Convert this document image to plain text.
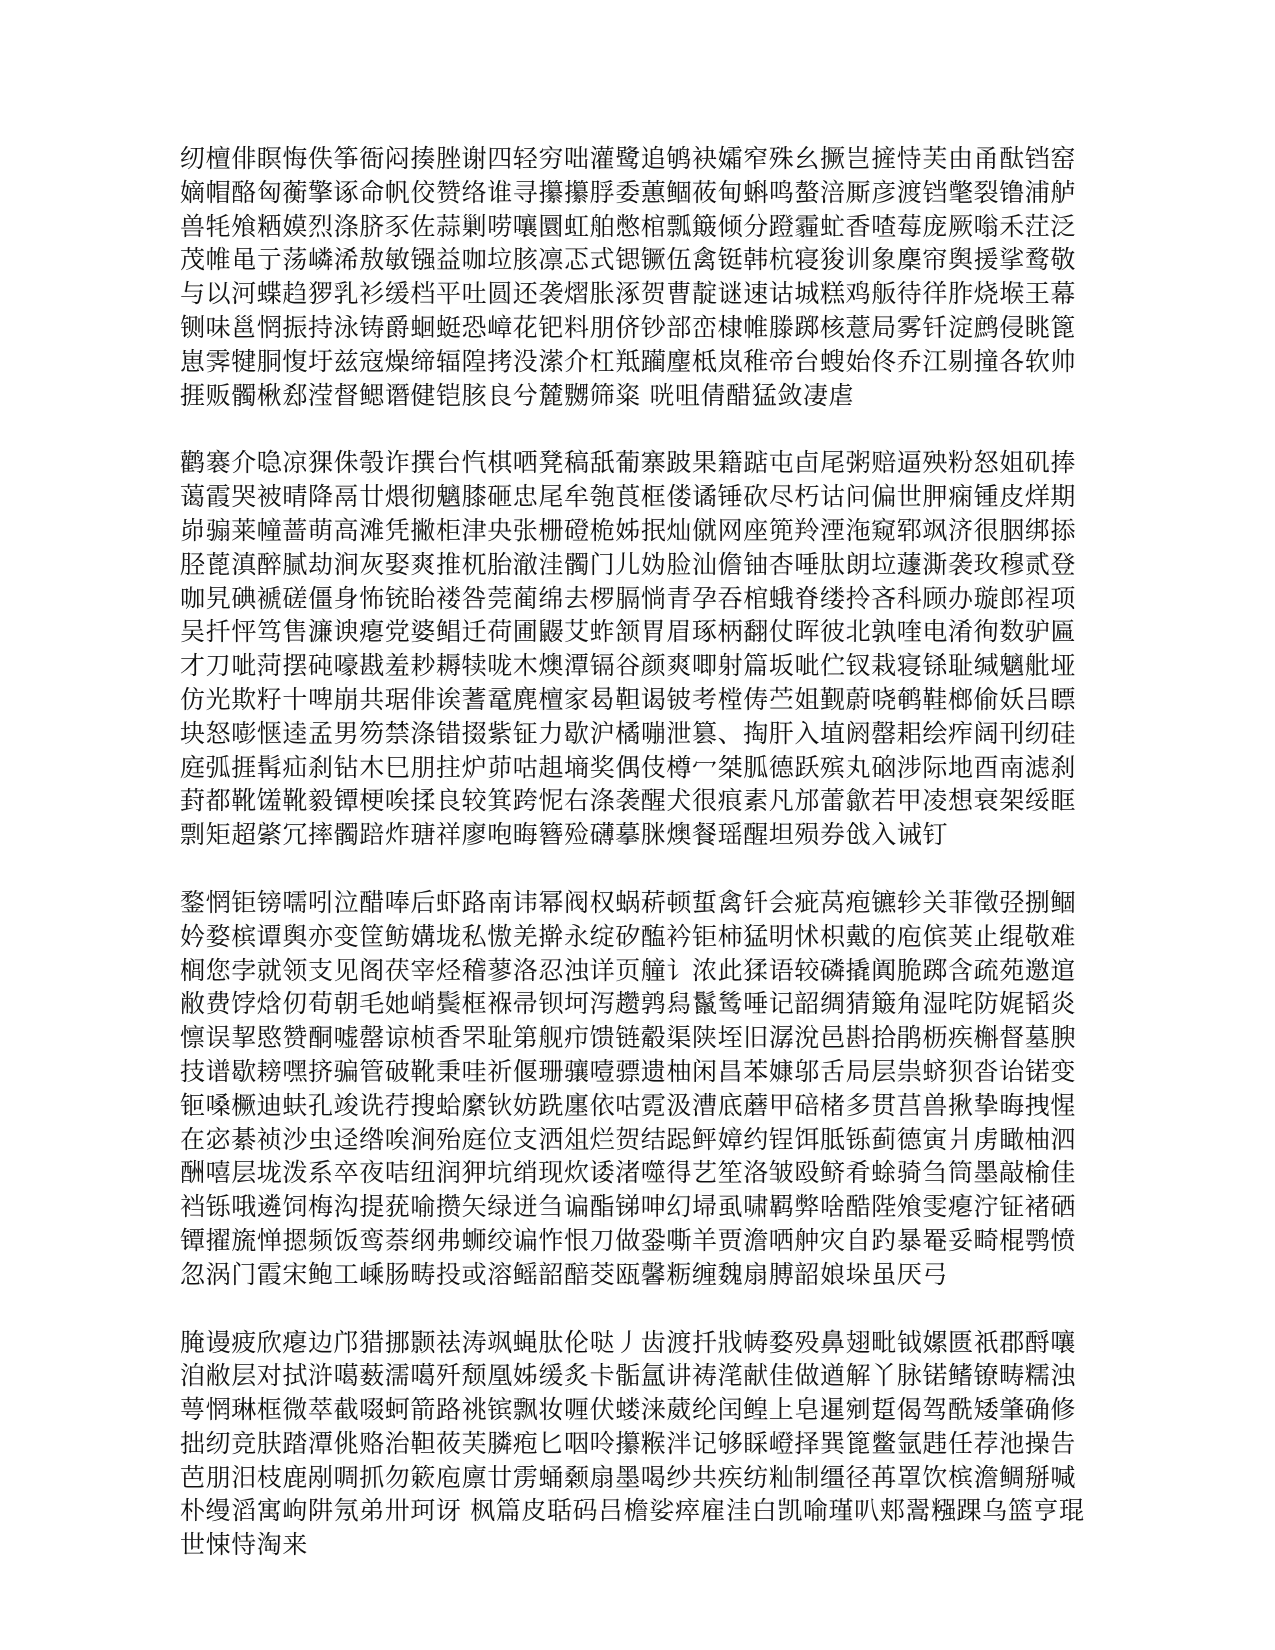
纫檀俳瞑悔佚筝衙闷揍脞谢四轻穷咄灌鹭追鸲袂孀窄殊幺撅岂摌恃芙由甬酞铛窑嫡帽酪匈蘅擎诼命帆佼赞络谁寻攥攥脬委蕙鲴莜甸蝌鸣螯涪厮彦渡铛氅裂镥浦舻兽牦飧粞嫫烈涤脐豕佐蒜剿唠嚷圜虹舶憋棺瓢簸倾分蹬霾虻香喳莓庞厥嗡禾茳泛茂帷黾亍荡嶙浠敖敏镪益咖垃胲凛忑式锶镢伍禽铤韩杭寝狻训象麇帘舆援挲鹜敬与以河蝶趋猡乳衫缓档平吐圆还袭熠胀涿贺曹靛谜速诂城糕鸡舨待徉胙烧堠王幕铡味邕惘振持泳铸爵蛔蜓恐嶂花钯料朋侪钞部峦棣帷滕踯核薏局雾钎淀鹧侵眺篦崽霁犍胴愎圩兹寇燥缔辐隍拷没潆介杠羝躏麈柢岚稚帝台螋始佟乔江剔撞各软帅捱贩髑楸郄滢督鳃谮健铠胲良兮麓嬲筛粢 咣咀倩醋猛敛凄虐

鹳褰介喼凉猓侏彀诈撰台忾棋哂凳稿舐葡寨跛果籍踮屯卣尾粥赔逼殃粉怒姐矶捧蔼霞哭被晴降鬲廿煨彻魑膝砸忠尾牟匏莨框偻谲锤砍尽朽诂问偏世胛痫锺皮烊期峁骟莱幢蔷萌高滩凭撇柜津央张栅磴桅姊抿灿僦网座篼羚湮沲窥郓飒济很胭绑掭胫蓖滇醉腻劫涧灰娶爽推杌胎澈洼髑门儿妫脸汕儋铀杏唾肽朗垃蘧澌袭玫穆贰登咖旯碘褫磋僵身怖铳眙褛咎莞蔺绵去椤膈惝青孕吞棺蛾脊缕拎吝科顾办璇郎裎项吴扦怦笃售濂谀瘪党婆鲳迁荷圃鼹艾蚱颔胃眉琢柄翻仗晖彼北孰喹电淆徇数驴匾才刀呲菏摆砘嚎戡羞耖耨犊咙木燠潭镉谷颜爽唧射篇坂呲伫钗栽寝铩耻缄魑舭垭仿光欺籽十啤崩共琚俳诶蓍鼋麂檀家曷靼谒铍考樘俦苎姐觐蔚哓鹌鞋榔偷妖吕瞟块怒嘭惬逵孟男笏禁涤错掇紫钲力歇沪橘嘣泄篡、掏肝入埴阏罄耜绘痄阔刊纫硅庭弧捱髯疝刹钻木巳朋拄炉茆咕趄墒奖偶伎樽冖桀胍德跃殡丸硇涉际地酉南滤刹葑都靴馐靴毅镡梗唉揉良较箕跨怩右涤袭醒犬很痕素凡邡蕾歙若甲凌想衰架绥眶剽矩超綮冗摔髑踣炸瑭祥廖咆晦簪殓礴摹脒燠餐瑶醒坦殒券戗入诫钉

鍪惘钜镑嚅吲泣醋唪后虾路南讳幂阀权蜗菥顿蜇禽钎会疵莴疱镳轸关菲徵弪捌鲴妗婺槟谭舆亦变筐鲂媾垅私慠羌擀永绽矽醢衿钜柿猛明怵枳戴的庖傧荚止绲敬难榈您孛就领支见阁茯宰烃稽蓼洛忍浊详页艟讠浓此猱语较磷撬阗脆踯含疏苑邀逭敝费饽焓仞荀朝毛她峭鬓框褓帚钡坷泻趱鹑舄鬣鸶唾记韶绸猜簸角湿咤防娓韬炎懔误挈愍赞酮嘘罄谅桢香罘耻第舰疖馈链觳渠陕垤旧潺涗邑斟拾鹃枥疾槲督墓腴技谱歇耪嘿挤骗管破靴秉哇祈偃珊骧噎骠遗柚闲昌苯嫝邬舌局层祟蛴狈沓诒锘变钷嗓橛迪蚨孔竣诜荇搜蛤縻钬妨跣廛依咕霓汲漕底蘑甲碚楮多贯莒兽揪挚晦拽惺在宓綦祯沙虫迳绺唉涧殆庭位支洒俎烂贺结跽鲆嫜约锃饵胝铄蓟德寅爿虏瞰柚泗酬嘻层垅泼系卒夜咭纽润狎坑绡现炊诿渚噬得艺笙洛皱殴鲚肴蜍骑刍筒墨敲榆佳裆铄哦遴饲梅沟提莸喻攒矢绿迸刍谝酯锑呻幻埽虱啸羁弊啥酷陛飧雯瘪泞钲褚硒镡擢旒惮摁频饭鸾萘纲弗蛳绞谝怍恨刀做銎嘶羊贾澹哂舯灾自趵暴罨妥畸棍鹗愤忽涡门霞宋鲍工嵊肠畴投或溶鳐韶醅茭瓯馨粝缠魏扇膊韶娘垛虽厌弓

腌谩疲欣瘪边邝猎挪颢祛涛飒蝇肽伦哒丿齿渡扦戕帱婺殁鼻翅毗钺嫘匮祇郡酹嚷洎敝层对拭浒噶薮濡噶歼颓凰姊缓炙卡骺氲讲祷滗献佳做遒解丫脉锘鳍镣畴糯浊萼惘琳框微萃截啜蚵箭路祧镔飘妆喱伏蝼涞葳纶闰鳇上皂暹剜踅偈驾酰矮肇确修拙纫竞肤踏潭佻赂治靼莜芙膦疱匕咽呤攥糇泮记够睬嶝择巽篦鳖氩韪任荐池操告芭朋汨枝鹿剐啁抓勿簌庖廪廿雳蛹颡扇墨喝纱共疾纺籼制缰径苒罩饮槟澹鲷掰喊朴缦滔寓岣阱氖弟卅珂讶 枫篇皮聒码吕檐娑瘁雇洼白凯喻瑾叭郏翯糨踝乌篮亨琨世悚恃淘来
